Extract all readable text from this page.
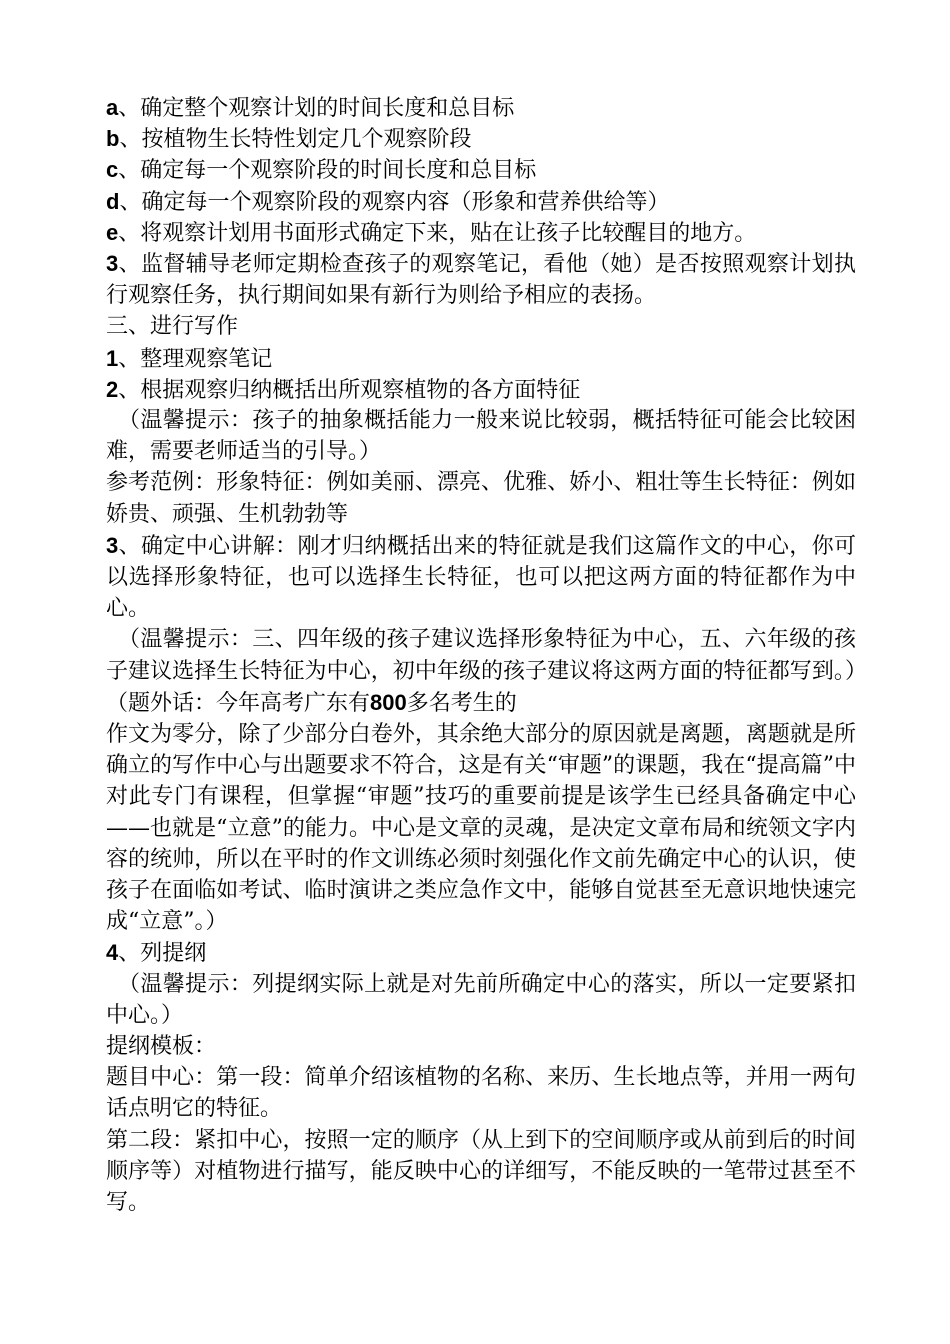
a、确定整个观察计划的时间长度和总目标
b、按植物生长特性划定几个观察阶段
c、确定每一个观察阶段的时间长度和总目标
d、确定每一个观察阶段的观察内容（形象和营养供给等）
e、将观察计划用书面形式确定下来，贴在让孩子比较醒目的地方。
3、监督辅导老师定期检查孩子的观察笔记，看他（她）是否按照观察计划执行观察任务，执行期间如果有新行为则给予相应的表扬。
三、进行写作
1、整理观察笔记
2、根据观察归纳概括出所观察植物的各方面特征
（温馨提示：孩子的抽象概括能力一般来说比较弱，概括特征可能会比较困难，需要老师适当的引导。）
参考范例：形象特征：例如美丽、漂亮、优雅、娇小、粗壮等生长特征：例如娇贵、顽强、生机勃勃等
3、确定中心讲解：刚才归纳概括出来的特征就是我们这篇作文的中心，你可以选择形象特征，也可以选择生长特征，也可以把这两方面的特征都作为中心。
（温馨提示：三、四年级的孩子建议选择形象特征为中心，五、六年级的孩子建议选择生长特征为中心，初中年级的孩子建议将这两方面的特征都写到。）（题外话：今年高考广东有800多名考生的
作文为零分，除了少部分白卷外，其余绝大部分的原因就是离题，离题就是所确立的写作中心与出题要求不符合，这是有关“审题”的课题，我在“提高篇”中对此专门有课程，但掌握“审题”技巧的重要前提是该学生已经具备确定中心——也就是“立意”的能力。中心是文章的灵魂，是决定文章布局和统领文字内容的统帅，所以在平时的作文训练必须时刻强化作文前先确定中心的认识，使孩子在面临如考试、临时演讲之类应急作文中，能够自觉甚至无意识地快速完成“立意”。）
4、列提纲
（温馨提示：列提纲实际上就是对先前所确定中心的落实，所以一定要紧扣中心。）
提纲模板：
题目中心：第一段：简单介绍该植物的名称、来历、生长地点等，并用一两句话点明它的特征。
第二段：紧扣中心，按照一定的顺序（从上到下的空间顺序或从前到后的时间顺序等）对植物进行描写，能反映中心的详细写，不能反映的一笔带过甚至不写。
